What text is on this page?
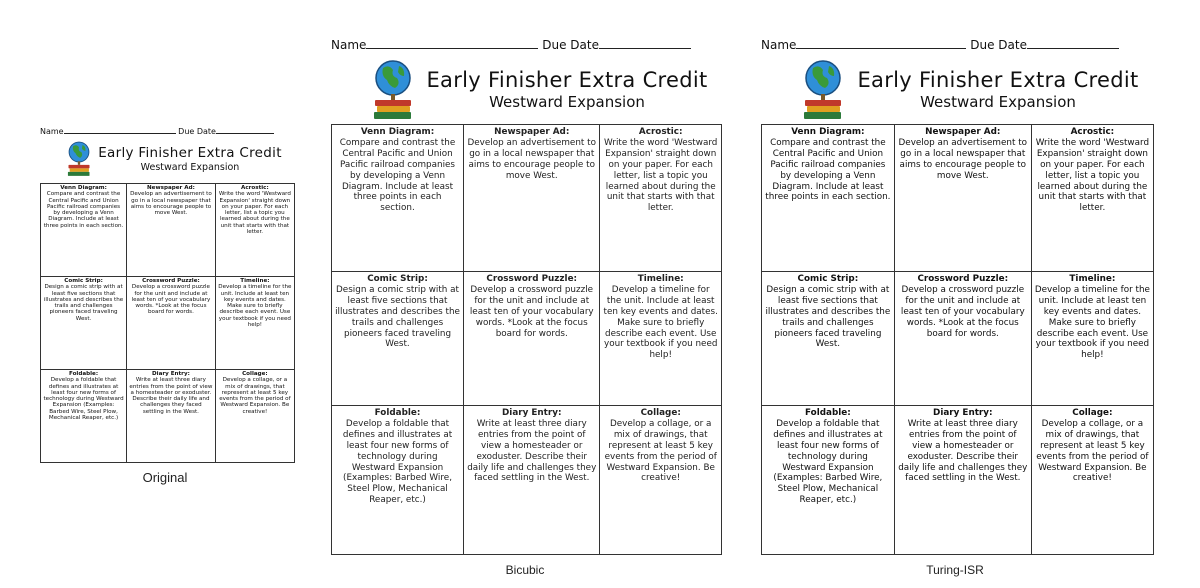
Name	Due Date
Early Finisher Extra Credit
Westward Expansion
Venn Diagram:
Compare and contrast the Central Pacific and Union Pacific railroad companies by developing a Venn Diagram. Include at least three points in each section.	Newspaper Ad:
Develop an advertisement to go in a local newspaper that aims to encourage people to move West.	Acrostic:
Write the word 'Westward Expansion' straight down on your paper. For each letter, list a topic you learned about during the unit that starts with that letter.

Comic Strip:
Design a comic strip with at least five sections that illustrates and describes the trails and challenges pioneers faced traveling West.	Crossword Puzzle:
Develop a crossword puzzle for the unit and include at least ten of your vocabulary words. *Look at the focus board for words.	Timeline:
Develop a timeline for the unit. Include at least ten key events and dates. Make sure to briefly describe each event. Use your textbook if you need help!

Foldable:
Develop a foldable that defines and illustrates at least four new forms of technology during Westward Expansion (Examples: Barbed Wire, Steel Plow, Mechanical Reaper, etc.)	Diary Entry:
Write at least three diary entries from the point of view a homesteader or exoduster. Describe their daily life and challenges they faced settling in the West.	Collage:
Develop a collage, or a mix of drawings, that represent at least 5 key events from the period of Westward Expansion. Be creative!
Name	Due Date
Early Finisher Extra Credit
Westward Expansion
Venn Diagram:
Compare and contrast the Central Pacific and Union Pacific railroad companies by developing a Venn Diagram. Include at least three points in each section.	Newspaper Ad:
Develop an advertisement to go in a local newspaper that aims to encourage people to move West.	Acrostic:
Write the word 'Westward Expansion' straight down on your paper. For each letter, list a topic you learned about during the unit that starts with that letter.

Comic Strip:
Design a comic strip with at least five sections that illustrates and describes the trails and challenges pioneers faced traveling West.	Crossword Puzzle:
Develop a crossword puzzle for the unit and include at least ten of your vocabulary words. *Look at the focus board for words.	Timeline:
Develop a timeline for the unit. Include at least ten key events and dates. Make sure to briefly describe each event. Use your textbook if you need help!

Foldable:
Develop a foldable that defines and illustrates at least four new forms of technology during Westward Expansion (Examples: Barbed Wire, Steel Plow, Mechanical Reaper, etc.)	Diary Entry:
Write at least three diary entries from the point of view a homesteader or exoduster. Describe their daily life and challenges they faced settling in the West.	Collage:
Develop a collage, or a mix of drawings, that represent at least 5 key events from the period of Westward Expansion. Be creative!
Name	Due Date
Early Finisher Extra Credit
Westward Expansion
Venn Diagram:
Compare and contrast the Central Pacific and Union Pacific railroad companies by developing a Venn Diagram. Include at least three points in each section.	Newspaper Ad:
Develop an advertisement to go in a local newspaper that aims to encourage people to move West.	Acrostic:
Write the word 'Westward Expansion' straight down on your paper. For each letter, list a topic you learned about during the unit that starts with that letter.

Comic Strip:
Design a comic strip with at least five sections that illustrates and describes the trails and challenges pioneers faced traveling West.	Crossword Puzzle:
Develop a crossword puzzle for the unit and include at least ten of your vocabulary words. *Look at the focus board for words.	Timeline:
Develop a timeline for the unit. Include at least ten key events and dates. Make sure to briefly describe each event. Use your textbook if you need help!

Foldable:
Develop a foldable that defines and illustrates at least four new forms of technology during Westward Expansion (Examples: Barbed Wire, Steel Plow, Mechanical Reaper, etc.)	Diary Entry:
Write at least three diary entries from the point of view a homesteader or exoduster. Describe their daily life and challenges they faced settling in the West.	Collage:
Develop a collage, or a mix of drawings, that represent at least 5 key events from the period of Westward Expansion. Be creative!
Original
Bicubic	Turing-ISR
